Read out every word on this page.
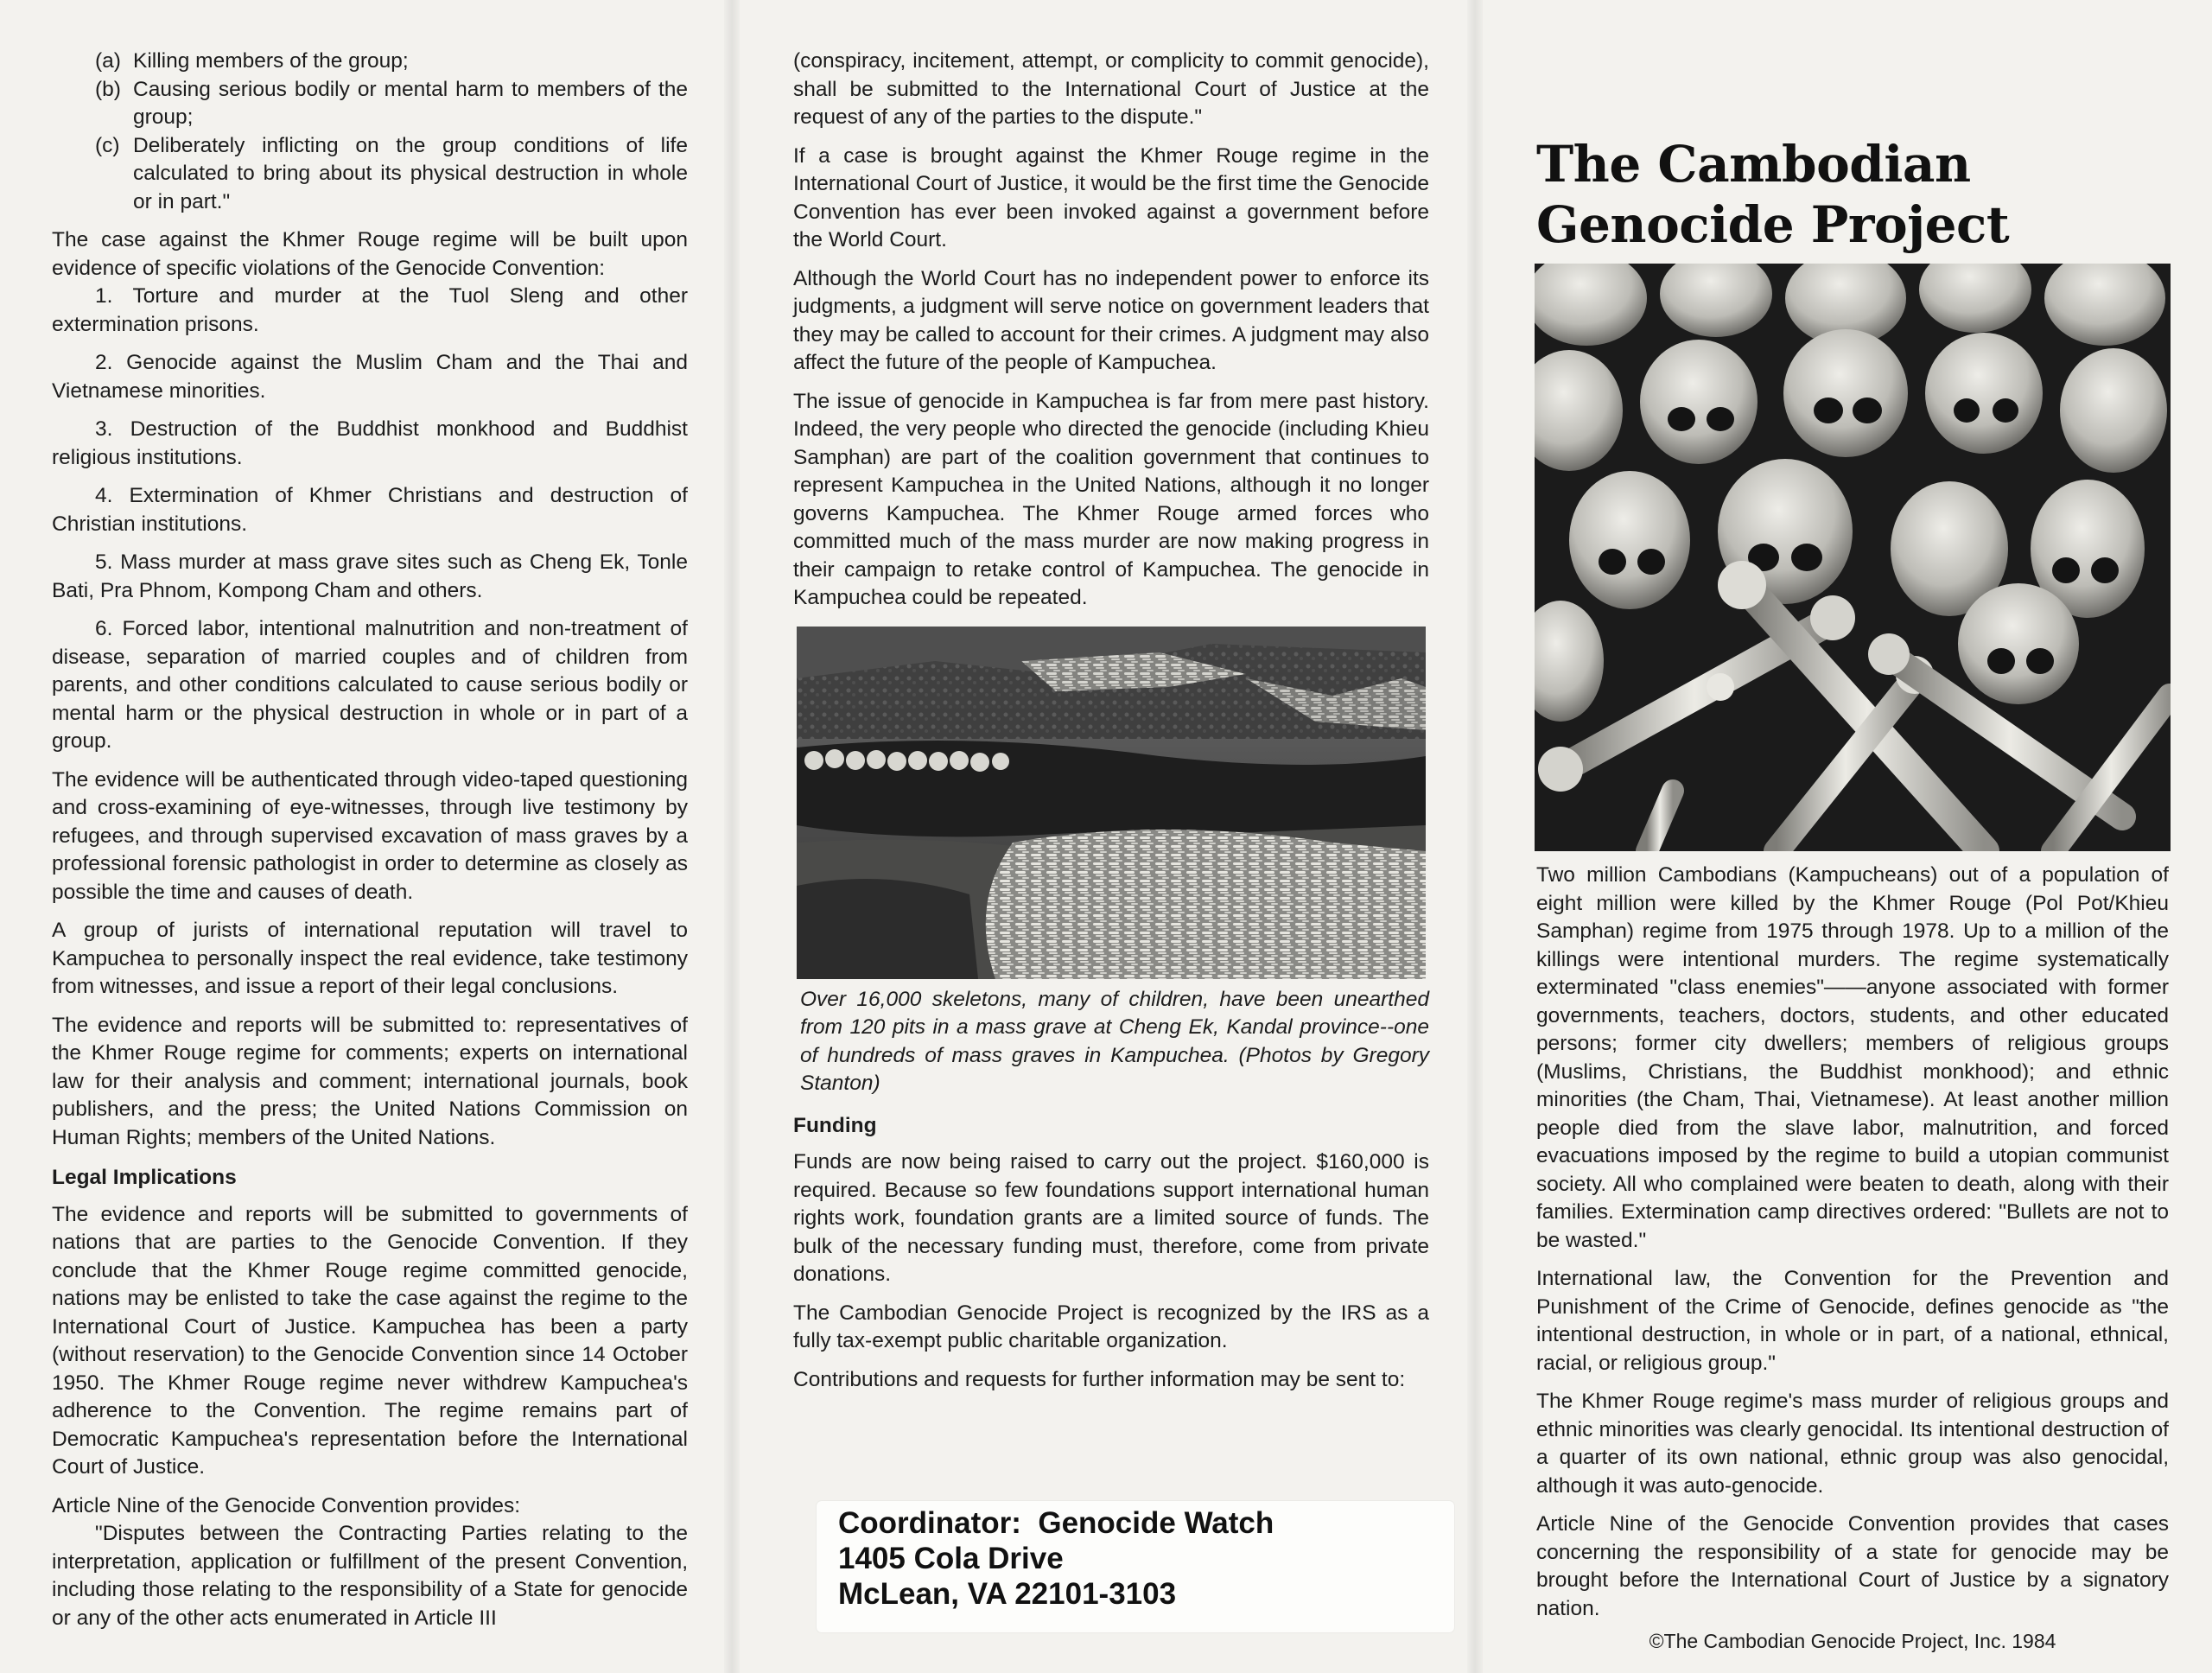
(a) Killing members of the group;
(b) Causing serious bodily or mental harm to members of the group;
(c) Deliberately inflicting on the group conditions of life calculated to bring about its physical destruction in whole or in part."

The case against the Khmer Rouge regime will be built upon evidence of specific violations of the Genocide Convention:

1. Torture and murder at the Tuol Sleng and other extermination prisons.

2. Genocide against the Muslim Cham and the Thai and Vietnamese minorities.

3. Destruction of the Buddhist monkhood and Buddhist religious institutions.

4. Extermination of Khmer Christians and destruction of Christian institutions.

5. Mass murder at mass grave sites such as Cheng Ek, Tonle Bati, Pra Phnom, Kompong Cham and others.

6. Forced labor, intentional malnutrition and non-treatment of disease, separation of married couples and of children from parents, and other conditions calculated to cause serious bodily or mental harm or the physical destruction in whole or in part of a group.

The evidence will be authenticated through video-taped questioning and cross-examining of eye-witnesses, through live testimony by refugees, and through supervised excavation of mass graves by a professional forensic pathologist in order to determine as closely as possible the time and causes of death.

A group of jurists of international reputation will travel to Kampuchea to personally inspect the real evidence, take testimony from witnesses, and issue a report of their legal conclusions.

The evidence and reports will be submitted to: representatives of the Khmer Rouge regime for comments; experts on international law for their analysis and comment; international journals, book publishers, and the press; the United Nations Commission on Human Rights; members of the United Nations.

Legal Implications

The evidence and reports will be submitted to governments of nations that are parties to the Genocide Convention. If they conclude that the Khmer Rouge regime committed genocide, nations may be enlisted to take the case against the regime to the International Court of Justice. Kampuchea has been a party (without reservation) to the Genocide Convention since 14 October 1950. The Khmer Rouge regime never withdrew Kampuchea's adherence to the Convention. The regime remains part of Democratic Kampuchea's representation before the International Court of Justice.

Article Nine of the Genocide Convention provides:

"Disputes between the Contracting Parties relating to the interpretation, application or fulfillment of the present Convention, including those relating to the responsibility of a State for genocide or any of the other acts enumerated in Article III

(conspiracy, incitement, attempt, or complicity to commit genocide), shall be submitted to the International Court of Justice at the request of any of the parties to the dispute."

If a case is brought against the Khmer Rouge regime in the International Court of Justice, it would be the first time the Genocide Convention has ever been invoked against a government before the World Court.

Although the World Court has no independent power to enforce its judgments, a judgment will serve notice on government leaders that they may be called to account for their crimes. A judgment may also affect the future of the people of Kampuchea.

The issue of genocide in Kampuchea is far from mere past history. Indeed, the very people who directed the genocide (including Khieu Samphan) are part of the coalition government that continues to represent Kampuchea in the United Nations, although it no longer governs Kampuchea. The Khmer Rouge armed forces who committed much of the mass murder are now making progress in their campaign to retake control of Kampuchea. The genocide in Kampuchea could be repeated.

Over 16,000 skeletons, many of children, have been unearthed from 120 pits in a mass grave at Cheng Ek, Kandal province--one of hundreds of mass graves in Kampuchea. (Photos by Gregory Stanton)
Funding

Funds are now being raised to carry out the project. $160,000 is required. Because so few foundations support international human rights work, foundation grants are a limited source of funds. The bulk of the necessary funding must, therefore, come from private donations.

The Cambodian Genocide Project is recognized by the IRS as a fully tax-exempt public charitable organization.

Contributions and requests for further information may be sent to:

Coordinator:  Genocide Watch
1405 Cola Drive
McLean, VA 22101-3103
The Cambodian
Genocide Project

Two million Cambodians (Kampucheans) out of a population of eight million were killed by the Khmer Rouge (Pol Pot/Khieu Samphan) regime from 1975 through 1978. Up to a million of the killings were intentional murders. The regime systematically exterminated "class enemies"——anyone associated with former governments, teachers, doctors, students, and other educated persons; former city dwellers; members of religious groups (Muslims, Christians, the Buddhist monkhood); and ethnic minorities (the Cham, Thai, Vietnamese). At least another million people died from the slave labor, malnutrition, and forced evacuations imposed by the regime to build a utopian communist society. All who complained were beaten to death, along with their families. Extermination camp directives ordered: "Bullets are not to be wasted."

International law, the Convention for the Prevention and Punishment of the Crime of Genocide, defines genocide as "the intentional destruction, in whole or in part, of a national, ethnical, racial, or religious group."

The Khmer Rouge regime's mass murder of religious groups and ethnic minorities was clearly genocidal. Its intentional destruction of a quarter of its own national, ethnic group was also genocidal, although it was auto-genocide.

Article Nine of the Genocide Convention provides that cases concerning the responsibility of a state for genocide may be brought before the International Court of Justice by a signatory nation.

©The Cambodian Genocide Project, Inc. 1984
